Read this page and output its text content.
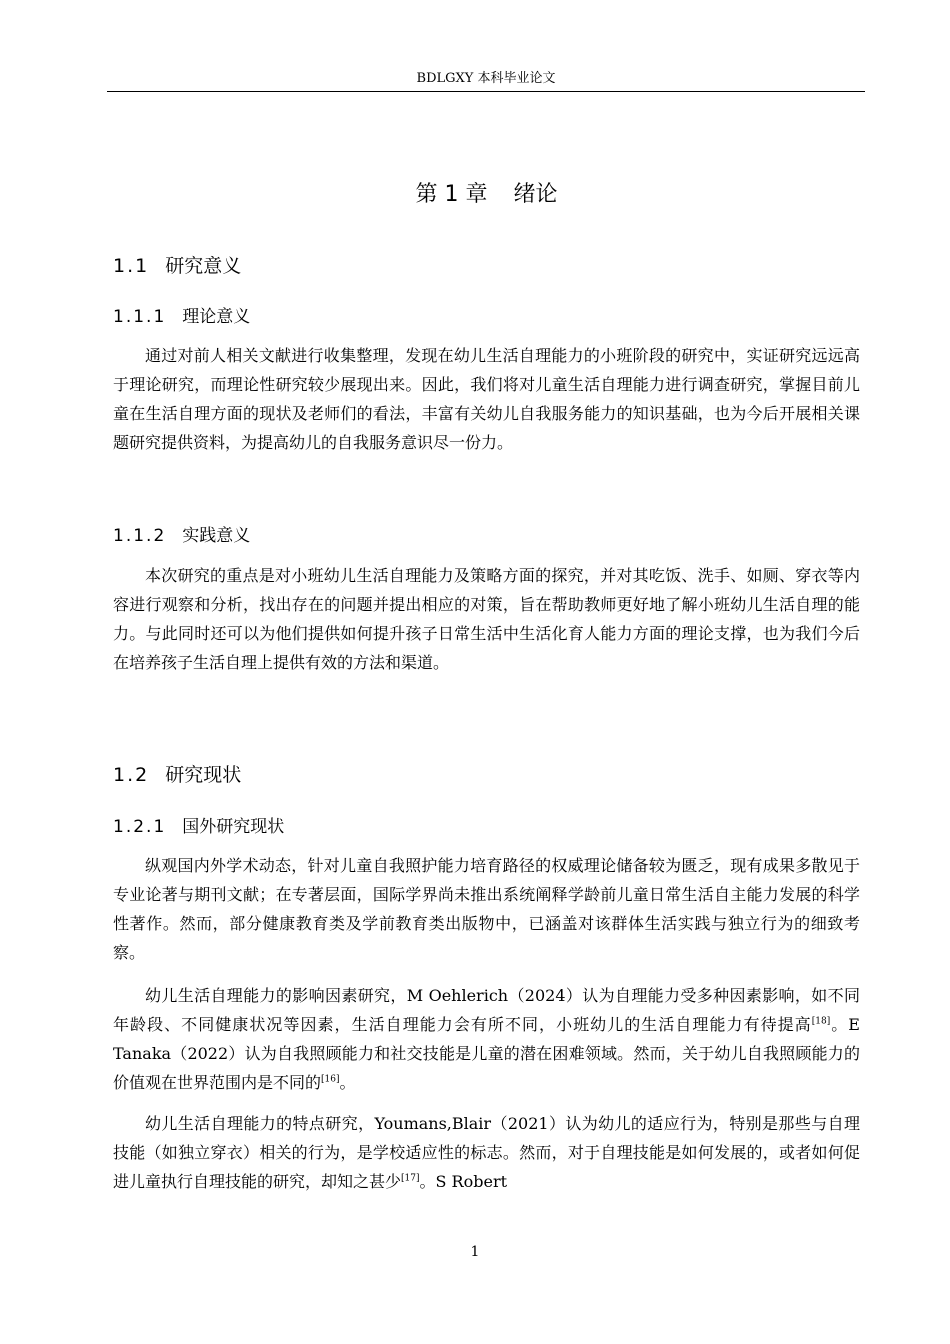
BDLGXY 本科毕业论文
第 1 章 绪论
1.1 研究意义
1.1.1 理论意义

通过对前人相关文献进行收集整理，发现在幼儿生活自理能力的小班阶段的研究中，实证研究远远高于理论研究，而理论性研究较少展现出来。因此，我们将对儿童生活自理能力进行调查研究，掌握目前儿童在生活自理方面的现状及老师们的看法，丰富有关幼儿自我服务能力的知识基础，也为今后开展相关课题研究提供资料，为提高幼儿的自我服务意识尽一份力。

1.1.2 实践意义

本次研究的重点是对小班幼儿生活自理能力及策略方面的探究，并对其吃饭、洗手、如厕、穿衣等内容进行观察和分析，找出存在的问题并提出相应的对策，旨在帮助教师更好地了解小班幼儿生活自理的能力。与此同时还可以为他们提供如何提升孩子日常生活中生活化育人能力方面的理论支撑，也为我们今后在培养孩子生活自理上提供有效的方法和渠道。

1.2 研究现状
1.2.1 国外研究现状

纵观国内外学术动态，针对儿童自我照护能力培育路径的权威理论储备较为匮乏，现有成果多散见于专业论著与期刊文献；在专著层面，国际学界尚未推出系统阐释学龄前儿童日常生活自主能力发展的科学性著作。然而，部分健康教育类及学前教育类出版物中，已涵盖对该群体生活实践与独立行为的细致考察。

幼儿生活自理能力的影响因素研究，M Oehlerich（2024）认为自理能力受多种因素影响，如不同年龄段、不同健康状况等因素，生活自理能力会有所不同，小班幼儿的生活自理能力有待提高[18]。E Tanaka（2022）认为自我照顾能力和社交技能是儿童的潜在困难领域。然而，关于幼儿自我照顾能力的价值观在世界范围内是不同的[16]。

幼儿生活自理能力的特点研究，Youmans,Blair（2021）认为幼儿的适应行为，特别是那些与自理技能（如独立穿衣）相关的行为，是学校适应性的标志。然而，对于自理技能是如何发展的，或者如何促进儿童执行自理技能的研究，却知之甚少[17]。S Robert

1
